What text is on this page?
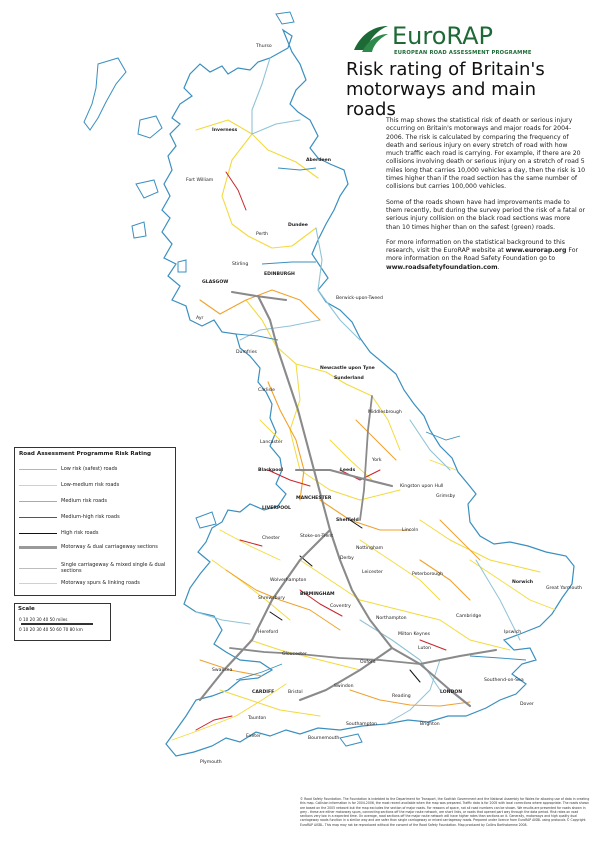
Inverness
Aberdeen
Dundee
Perth
Stirling
EDINBURGH
GLASGOW
Newcastle upon Tyne
Sunderland
Carlisle
Middlesbrough
Blackpool	Leeds
York
Kingston upon Hull
Grimsby
LIVERPOOL
MANCHESTER
Sheffield
Stoke-on-Trent
Nottingham
Derby
Leicester
Lincoln
Wolverhampton
BIRMINGHAM
Coventry
Peterborough
Norwich
Great Yarmouth
Ipswich
Cambridge
Northampton
Oxford
Gloucester
CARDIFF	Bristol
Swindon
Reading
LONDON
Southend-on-Sea
Southampton	Brighton
Exeter
Plymouth
Bournemouth
Dover
Swansea
Chester
Lancaster
Thurso
Fort William
Ayr
Dumfries
Berwick-upon-Tweed
Shrewsbury
Hereford	Milton Keynes
Luton
Taunton
EuroRAP
EUROPEAN ROAD ASSESSMENT PROGRAMME
Risk rating of Britain's motorways and main roads

This map shows the statistical risk of death or serious injury occurring on Britain's motorways and major roads for 2004-2006. The risk is calculated by comparing the frequency of death and serious injury on every stretch of road with how much traffic each road is carrying. For example, if there are 20 collisions involving death or serious injury on a stretch of road 5 miles long that carries 10,000 vehicles a day, then the risk is 10 times higher than if the road section has the same number of collisions but carries 100,000 vehicles.

Some of the roads shown have had improvements made to them recently, but during the survey period the risk of a fatal or serious injury collision on the black road sections was more than 10 times higher than on the safest (green) roads.

For more information on the statistical background to this research, visit the EuroRAP website at www.eurorap.org For more information on the Road Safety Foundation go to www.roadsafetyfoundation.com.

Road Assessment Programme Risk Rating
Low risk (safest) roads
Low-medium risk roads
Medium risk roads
Medium-high risk roads
High risk roads
Motorway & dual carriageway sections
Single carriageway & mixed single & dual sections
Motorway spurs & linking roads
Scale
0 10 20 30 40 50 miles
0 10 20 30 40 50 60 70 80 km
© Road Safety Foundation. The Foundation is indebted to the Department for Transport, the Scottish Government and the National Assembly for Wales for allowing use of data in creating this map. Collision information is for 2004-2006, the most recent available when the map was prepared. Traffic data is for 2005 with local corrections where appropriate. The roads shown are based on the 2005 network but the map excludes the section of major roads. For reasons of space, not all road numbers can be shown. We results are presented for roads shown in grey - these are either motorway spurs, connecting sections off the major route network, are short links, or roads that opened part way through the data period. Risk rates on road sections very low in a expected time. On average, road sections off the major route network will have higher rates than sections on it. Generally, motorways and high quality dual carriageway roads function in a similar way and are safer than single carriageway or mixed carriageway roads. Prepared under licence from EuroRAP AISBL using protocols © Copyright EuroRAP AISBL. This map may not be reproduced without the consent of the Road Safety Foundation. Map produced by Collins Bartholomew 2008.
